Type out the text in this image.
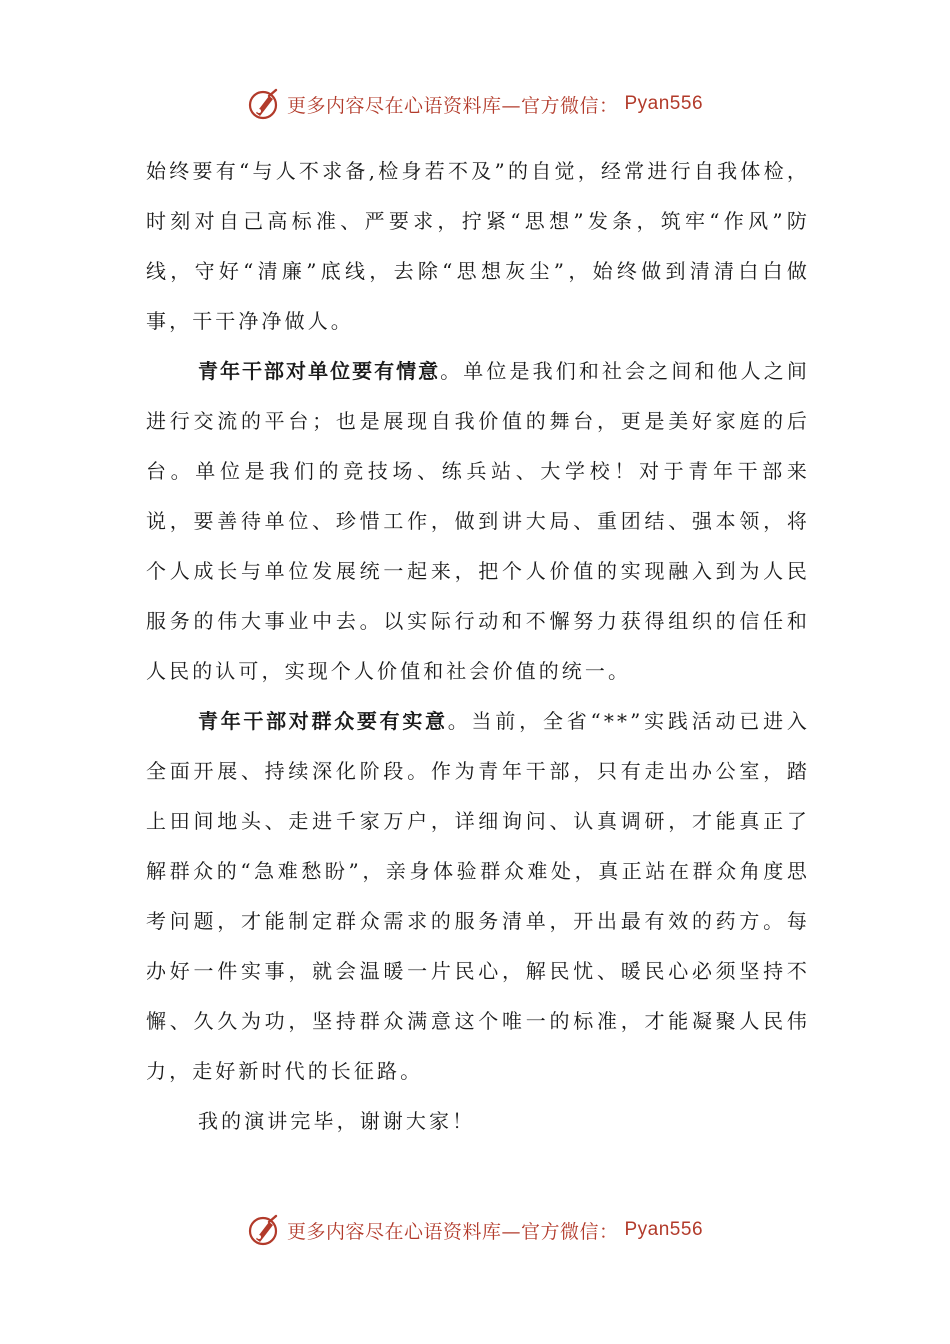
更多内容尽在心语资料库—官方微信： Pyan556

始终要有“与人不求备,检身若不及”的自觉，经常进行自我体检，时刻对自己高标准、严要求，拧紧“思想”发条，筑牢“作风”防线，守好“清廉”底线，去除“思想灰尘”，始终做到清清白白做事，干干净净做人。

青年干部对单位要有情意。单位是我们和社会之间和他人之间进行交流的平台；也是展现自我价值的舞台，更是美好家庭的后台。单位是我们的竞技场、练兵站、大学校！对于青年干部来说，要善待单位、珍惜工作，做到讲大局、重团结、强本领，将个人成长与单位发展统一起来，把个人价值的实现融入到为人民服务的伟大事业中去。以实际行动和不懈努力获得组织的信任和人民的认可，实现个人价值和社会价值的统一。

青年干部对群众要有实意。当前，全省“**”实践活动已进入全面开展、持续深化阶段。作为青年干部，只有走出办公室，踏上田间地头、走进千家万户，详细询问、认真调研，才能真正了解群众的“急难愁盼”，亲身体验群众难处，真正站在群众角度思考问题，才能制定群众需求的服务清单，开出最有效的药方。每办好一件实事，就会温暖一片民心，解民忧、暖民心必须坚持不懈、久久为功，坚持群众满意这个唯一的标准，才能凝聚人民伟力，走好新时代的长征路。

我的演讲完毕，谢谢大家！

更多内容尽在心语资料库—官方微信： Pyan556
